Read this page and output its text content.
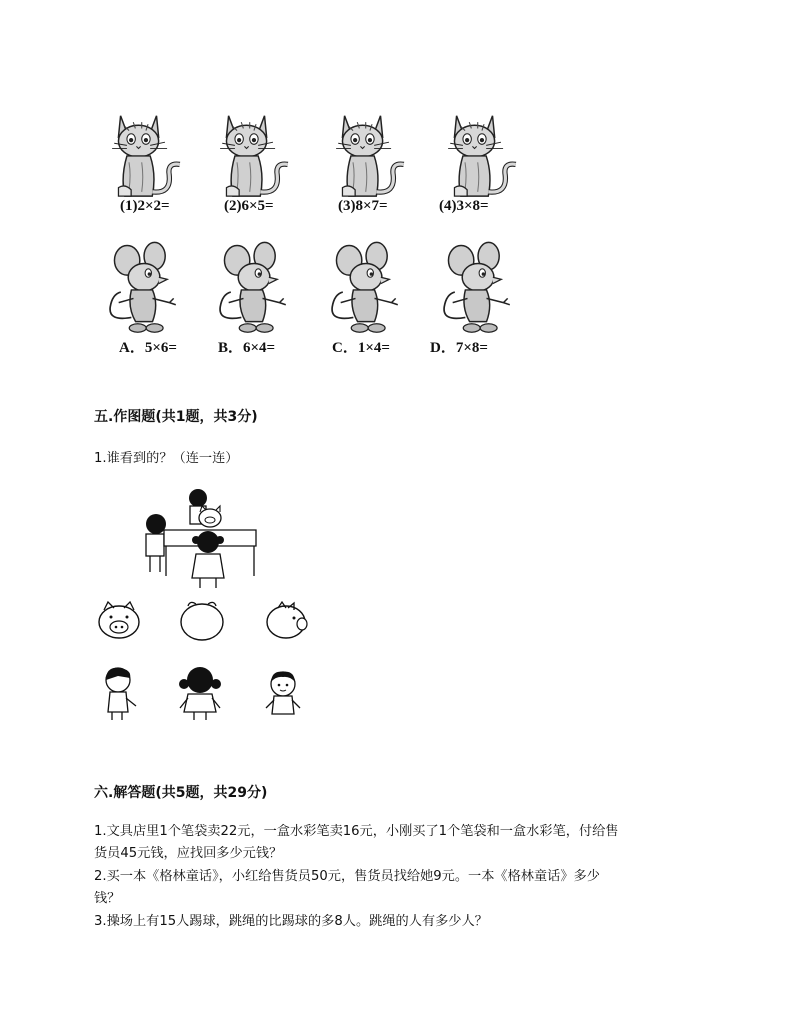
(1)2×2=	(2)6×5=	(3)8×7=	(4)3×8=
A．5×6=	B．6×4=	C．1×4=	D．7×8=
五.作图题(共1题，共3分)
1.谁看到的？（连一连）
六.解答题(共5题，共29分)
1.文具店里1个笔袋卖22元，一盒水彩笔卖16元，小刚买了1个笔袋和一盒水彩笔，付给售
货员45元钱，应找回多少元钱？
2.买一本《格林童话》，小红给售货员50元，售货员找给她9元。一本《格林童话》多少
钱？
3.操场上有15人踢球，跳绳的比踢球的多8人。跳绳的人有多少人？
